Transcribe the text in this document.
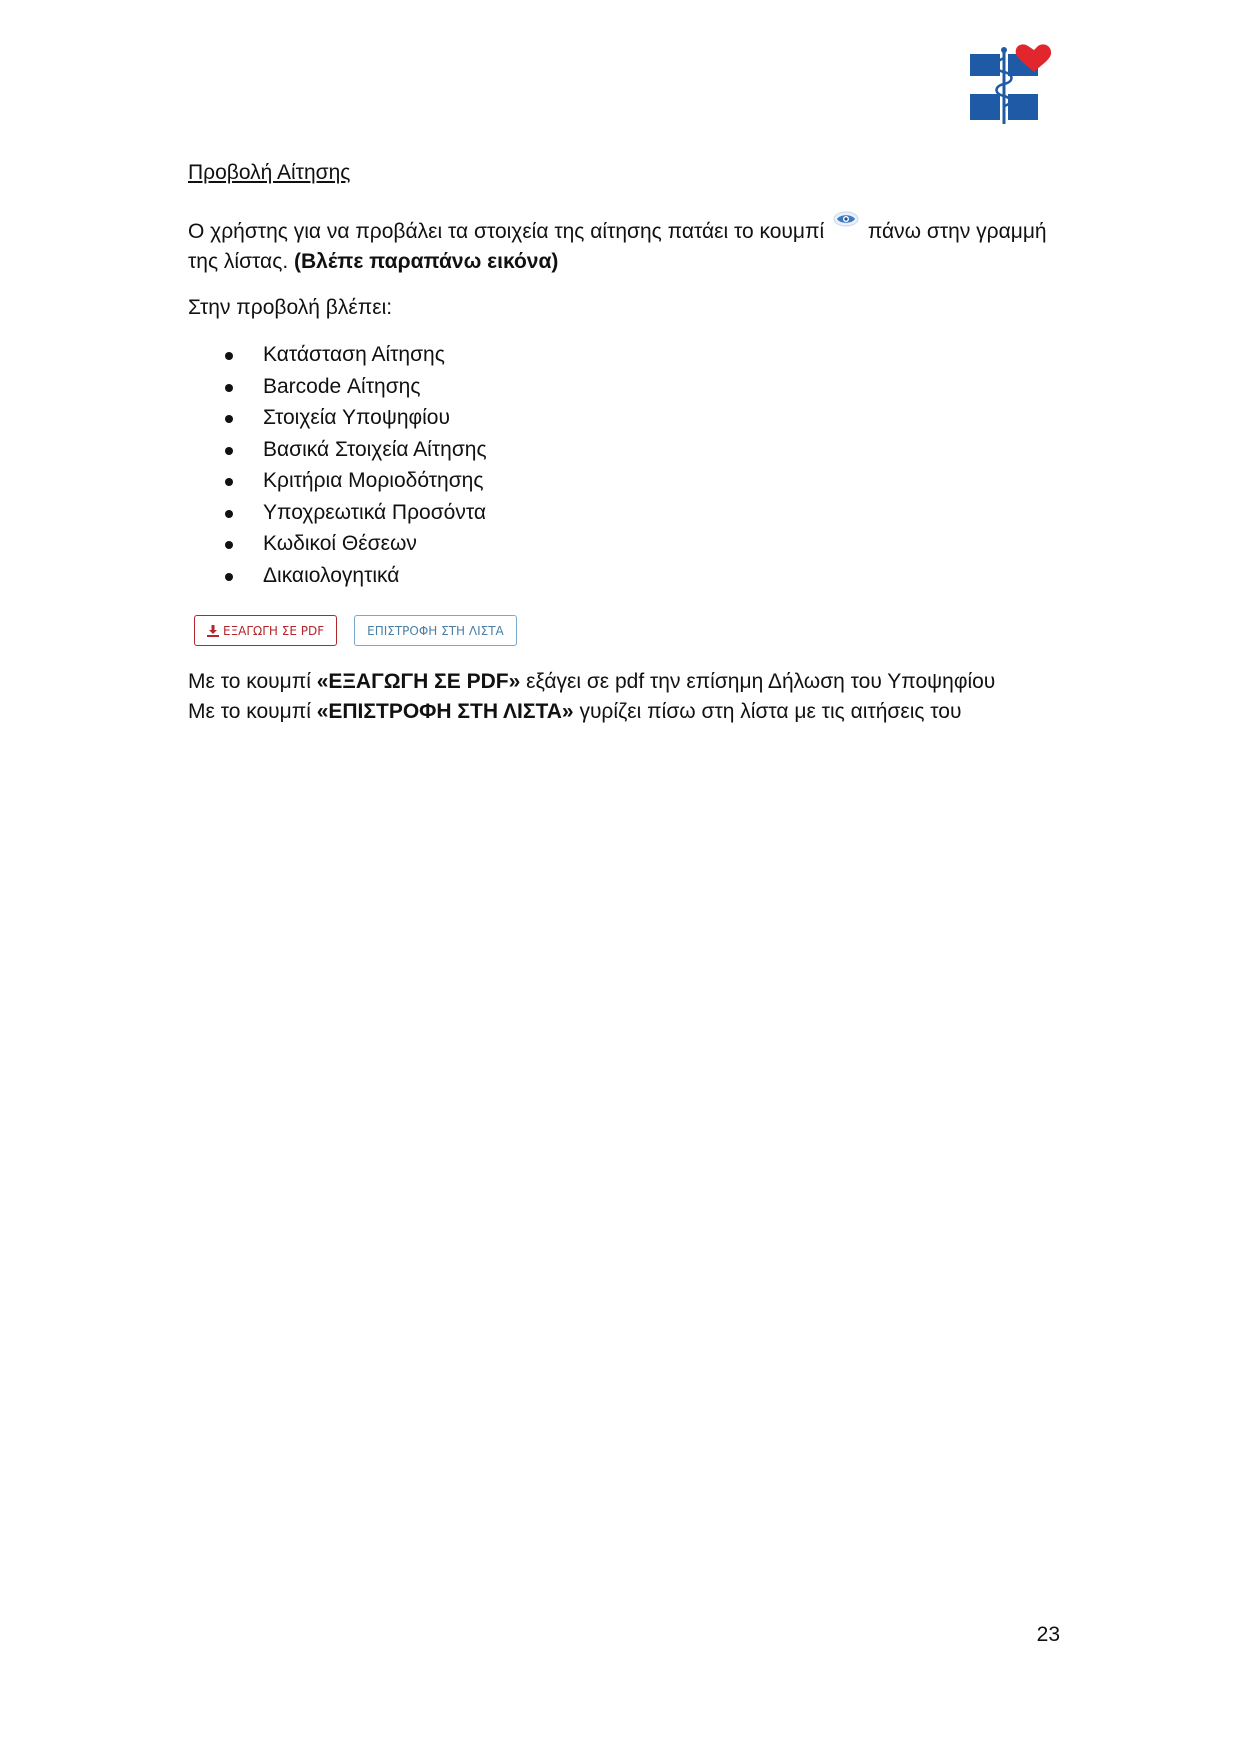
Προβολή Αίτησης

Ο χρήστης για να προβάλει τα στοιχεία της αίτησης πατάει το κουμπί  πάνω στην γραμμή της λίστας. (Βλέπε παραπάνω εικόνα)

Στην προβολή βλέπει:

Κατάσταση Αίτησης
Barcode Αίτησης
Στοιχεία Υποψηφίου
Βασικά Στοιχεία Αίτησης
Κριτήρια Μοριοδότησης
Υποχρεωτικά Προσόντα
Κωδικοί Θέσεων
Δικαιολογητικά
ΕΞΑΓΩΓΗ ΣΕ PDF	ΕΠΙΣΤΡΟΦΗ ΣΤΗ ΛΙΣΤΑ

Με το κουμπί «ΕΞΑΓΩΓΗ ΣΕ PDF» εξάγει σε pdf την επίσημη Δήλωση του Υποψηφίου

Με το κουμπί «ΕΠΙΣΤΡΟΦΗ ΣΤΗ ΛΙΣΤΑ» γυρίζει πίσω στη λίστα με τις αιτήσεις του

23
